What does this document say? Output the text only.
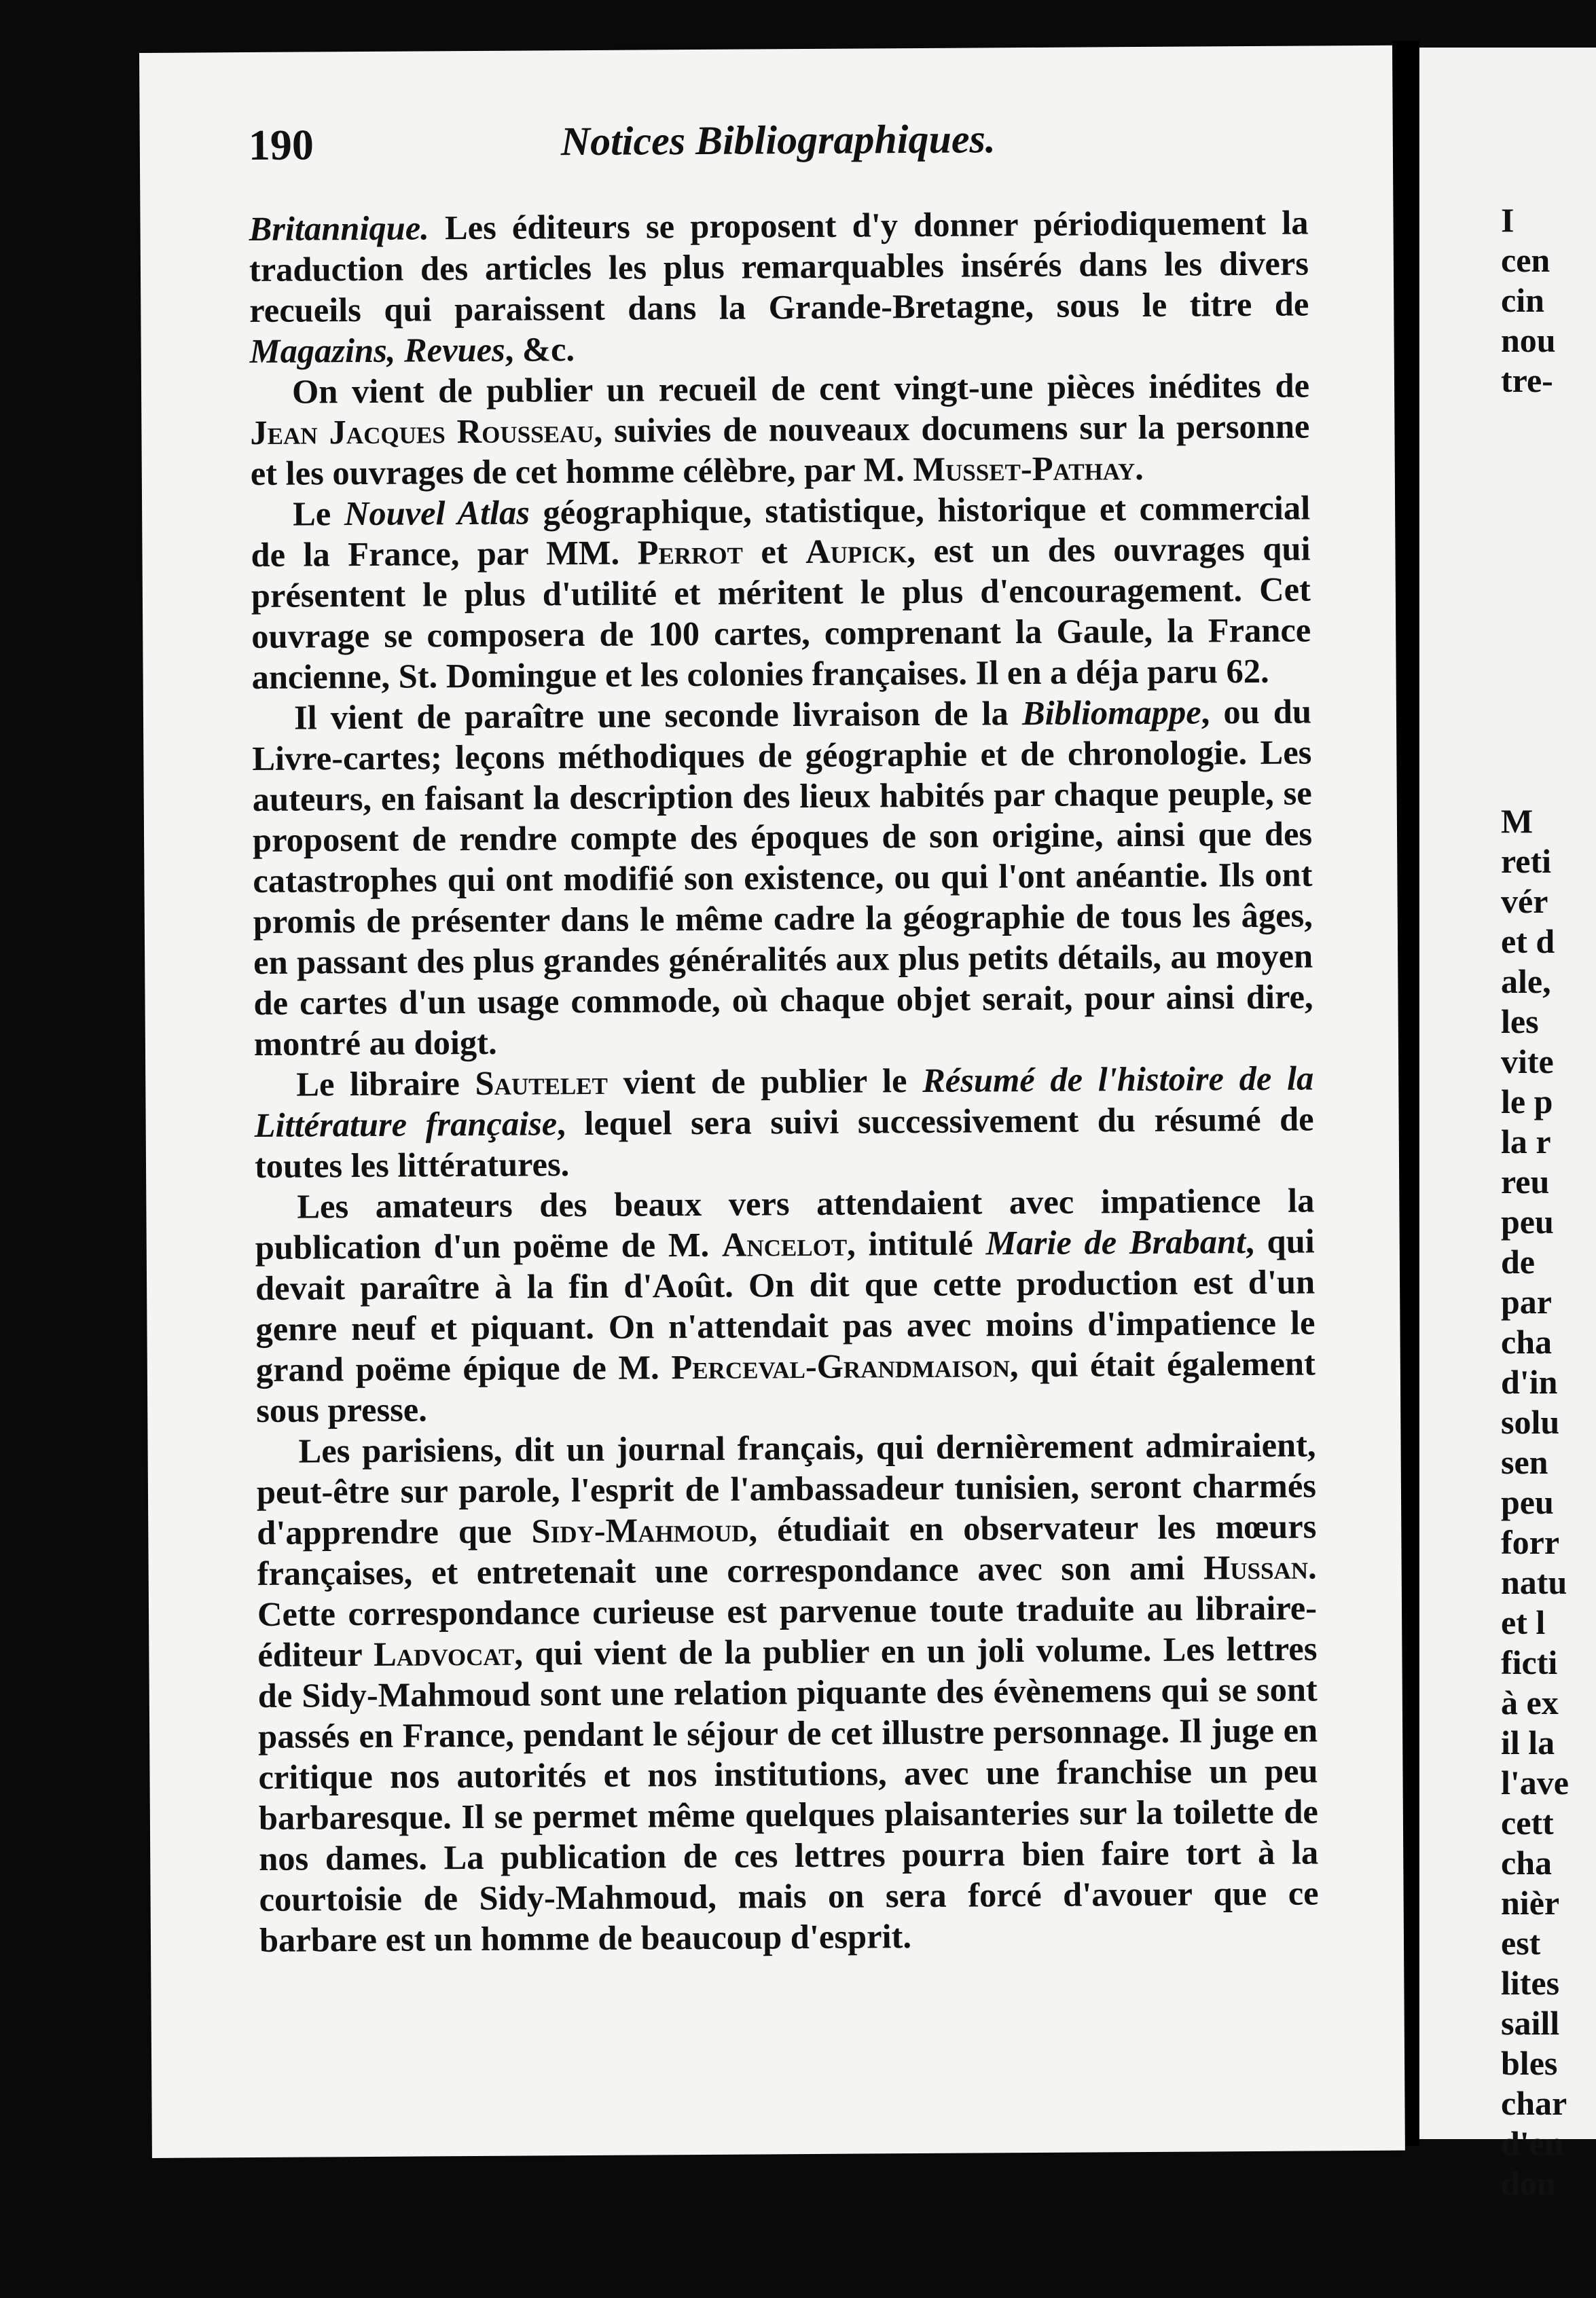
190	Notices Bibliographiques.

Britannique. Les éditeurs se proposent d'y donner périodiquement la traduction des articles les plus remarquables insérés dans les divers recueils qui paraissent dans la Grande-Bretagne, sous le titre de Magazins, Revues, &c.

On vient de publier un recueil de cent vingt-une pièces inédites de Jean Jacques Rousseau, suivies de nouveaux documens sur la personne et les ouvrages de cet homme célèbre, par M. Musset-Pathay.

Le Nouvel Atlas géographique, statistique, historique et commercial de la France, par MM. Perrot et Aupick, est un des ouvrages qui présentent le plus d'utilité et méritent le plus d'encouragement. Cet ouvrage se composera de 100 cartes, comprenant la Gaule, la France ancienne, St. Domingue et les colonies françaises. Il en a déja paru 62.

Il vient de paraître une seconde livraison de la Bibliomappe, ou du Livre-cartes; leçons méthodiques de géographie et de chronologie. Les auteurs, en faisant la description des lieux habités par chaque peuple, se proposent de rendre compte des époques de son origine, ainsi que des catastrophes qui ont modifié son existence, ou qui l'ont anéantie. Ils ont promis de présenter dans le même cadre la géographie de tous les âges, en passant des plus grandes généralités aux plus petits détails, au moyen de cartes d'un usage commode, où chaque objet serait, pour ainsi dire, montré au doigt.

Le libraire Sautelet vient de publier le Résumé de l'histoire de la Littérature française, lequel sera suivi successivement du résumé de toutes les littératures.

Les amateurs des beaux vers attendaient avec impatience la publication d'un poëme de M. Ancelot, intitulé Marie de Brabant, qui devait paraître à la fin d'Août. On dit que cette production est d'un genre neuf et piquant. On n'attendait pas avec moins d'impatience le grand poëme épique de M. Perceval-Grandmaison, qui était également sous presse.

Les parisiens, dit un journal français, qui dernièrement admiraient, peut-être sur parole, l'esprit de l'ambassadeur tunisien, seront charmés d'apprendre que Sidy-Mahmoud, étudiait en observateur les mœurs françaises, et entretenait une correspondance avec son ami Hussan. Cette correspondance curieuse est parvenue toute traduite au libraire-éditeur Ladvocat, qui vient de la publier en un joli volume. Les lettres de Sidy-Mahmoud sont une relation piquante des évènemens qui se sont passés en France, pendant le séjour de cet illustre personnage. Il juge en critique nos autorités et nos institutions, avec une franchise un peu barbaresque. Il se permet même quelques plaisanteries sur la toilette de nos dames. La publication de ces lettres pourra bien faire tort à la courtoisie de Sidy-Mahmoud, mais on sera forcé d'avouer que ce barbare est un homme de beaucoup d'esprit.

I
cen
cin
nou
tre-
M
reti
vér
et d
ale,
les
vite
le p
la r
reu
peu
de
par
cha
d'in
solu
sen
peu
forr
natu
et l
ficti
à ex
il la
l'ave
cett
cha
nièr
est
lites
saill
bles
char
d'en
don
